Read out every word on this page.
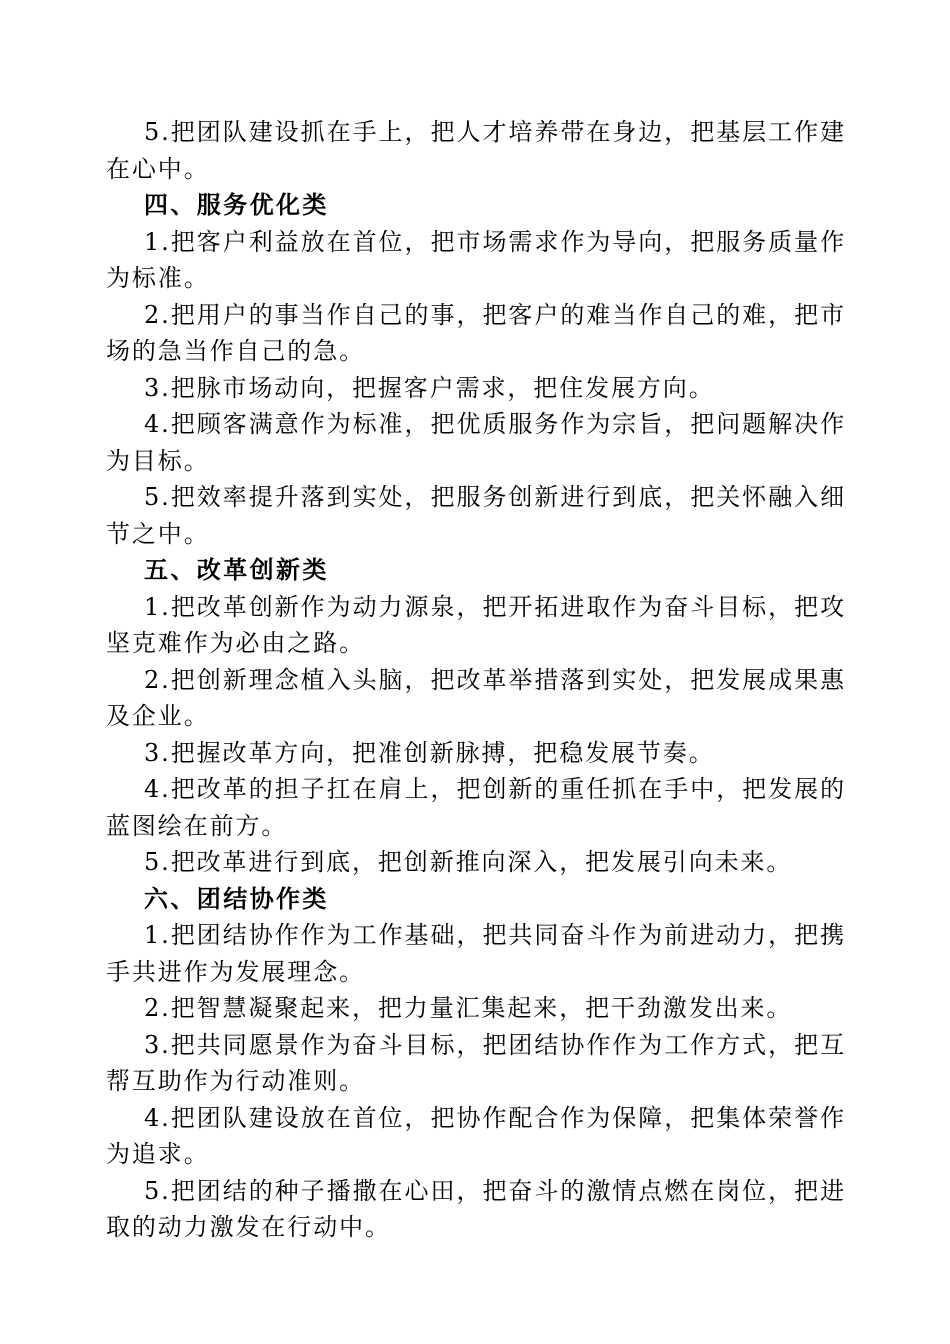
5.把团队建设抓在手上，把人才培养带在身边，把基层工作建在心中。

四、服务优化类

1.把客户利益放在首位，把市场需求作为导向，把服务质量作为标准。

2.把用户的事当作自己的事，把客户的难当作自己的难，把市场的急当作自己的急。

3.把脉市场动向，把握客户需求，把住发展方向。

4.把顾客满意作为标准，把优质服务作为宗旨，把问题解决作为目标。

5.把效率提升落到实处，把服务创新进行到底，把关怀融入细节之中。

五、改革创新类

1.把改革创新作为动力源泉，把开拓进取作为奋斗目标，把攻坚克难作为必由之路。

2.把创新理念植入头脑，把改革举措落到实处，把发展成果惠及企业。

3.把握改革方向，把准创新脉搏，把稳发展节奏。

4.把改革的担子扛在肩上，把创新的重任抓在手中，把发展的蓝图绘在前方。

5.把改革进行到底，把创新推向深入，把发展引向未来。

六、团结协作类

1.把团结协作作为工作基础，把共同奋斗作为前进动力，把携手共进作为发展理念。

2.把智慧凝聚起来，把力量汇集起来，把干劲激发出来。

3.把共同愿景作为奋斗目标，把团结协作作为工作方式，把互帮互助作为行动准则。

4.把团队建设放在首位，把协作配合作为保障，把集体荣誉作为追求。

5.把团结的种子播撒在心田，把奋斗的激情点燃在岗位，把进取的动力激发在行动中。
